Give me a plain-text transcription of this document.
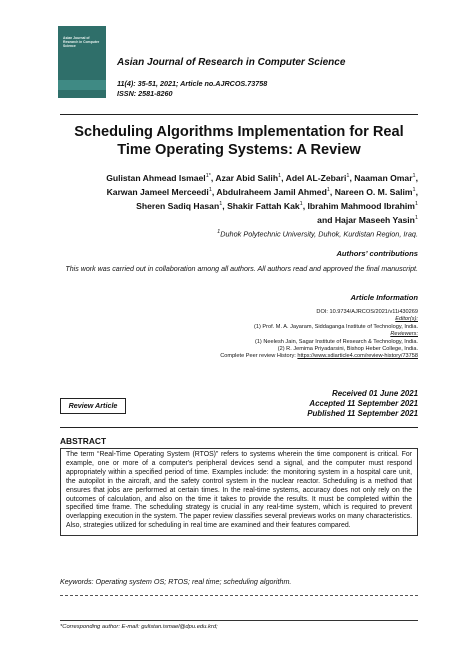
Asian Journal of Research in Computer Science
Asian Journal of Research in Computer Science
11(4): 35-51, 2021; Article no.AJRCOS.73758
ISSN: 2581-8260
Scheduling Algorithms Implementation for Real
Time Operating Systems: A Review
Gulistan Ahmead Ismael$^{1*}$, Azar Abid Salih$^1$, Adel AL-Zebari$^1$, Naaman Omar$^1$,
Karwan Jameel Merceedi$^1$, Abdulraheem Jamil Ahmed$^1$, Nareen O. M. Salim$^1$,
Sheren Sadiq Hasan$^1$, Shakir Fattah Kak$^1$, Ibrahim Mahmood Ibrahim$^1$
and Hajar Maseeh Yasin$^1$
$^1$Duhok Polytechnic University, Duhok, Kurdistan Region, Iraq.
Authors’ contributions
This work was carried out in collaboration among all authors. All authors read and approved the final manuscript.
Article Information
DOI: 10.9734/AJRCOS/2021/v11i430269
Editor(s):
(1) Prof. M. A. Jayaram, Siddaganga Institute of Technology, India.
Reviewers:
(1) Neelesh Jain, Sagar Institute of Research & Technology, India.
(2) R. Jemima Priyadarsini, Bishop Heber College, India.
Complete Peer review History: https://www.sdiarticle4.com/review-history/73758
Received 01 June 2021
Accepted 11 September 2021
Published 11 September 2021
Review Article
ABSTRACT
The term “Real-Time Operating System (RTOS)” refers to systems wherein the time component is critical. For example, one or more of a computer's peripheral devices send a signal, and the computer must respond appropriately within a specified period of time. Examples include: the monitoring system in a hospital care unit, the autopilot in the aircraft, and the safety control system in the nuclear reactor. Scheduling is a method that ensures that jobs are performed at certain times. In the real-time systems, accuracy does not only rely on the outcomes of calculation, and also on the time it takes to provide the results. It must be completed within the specified time frame. The scheduling strategy is crucial in any real-time system, which is required to prevent overlapping execution in the system. The paper review classifies several previews works on many characteristics. Also, strategies utilized for scheduling in real time are examined and their features compared.
Keywords: Operating system OS; RTOS; real time; scheduling algorithm.
*Corresponding author: E-mail: gulistan.ismael@dpu.edu.krd;
